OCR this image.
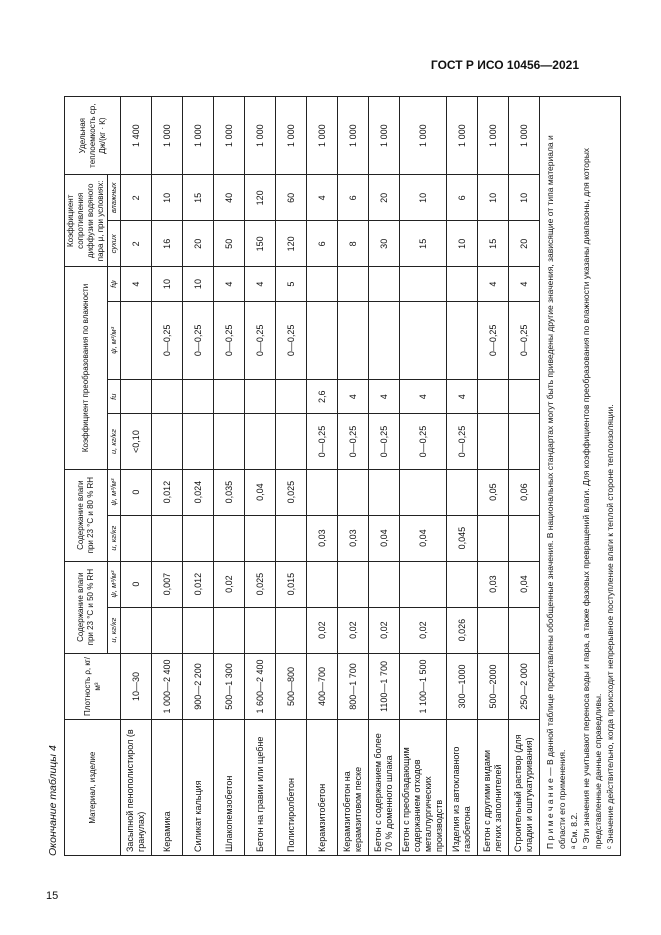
ГОСТ Р ИСО 10456—2021
Окончание таблицы 4	Материал, изделие	Плотность ρ, кг/м³	Содержание влаги при 23 °С и 50 % RH		Содержание влаги при 23 °С и 80 % RH		Коэффициент преобразования по влажности				Коэффициент сопротивления диффузии водяного пара μ, при условиях:		Удельная теплоемкость cp, Дж/(кг · К)
		u, кг/кг	ψ, м³/м³	u, кг/кг	ψ, м³/м³	u, кг/кг	fu	ψ, м³/м³	fψ	сухих	влажных	
Засыпной пенополистирол (в гранулах)	10—30		0		0	<0,10			4	2	2	1 400
Керамика	1 000—2 400		0,007		0,012			0—0,25	10	16	10	1 000
Силикат кальция	900—2 200		0,012		0,024			0—0,25	10	20	15	1 000
Шлакопемзобетон	500—1 300		0,02		0,035			0—0,25	4	50	40	1 000
Бетон на гравии или щебне	1 600—2 400		0,025		0,04			0—0,25	4	150	120	1 000
Полистиролбетон	500—800		0,015		0,025			0—0,25	5	120	60	1 000
Керамзитобетон	400—700	0,02		0,03		0—0,25	2,6			6	4	1 000
Керамзитобетон на керамзитовом песке	800—1 700	0,02		0,03		0—0,25	4			8	6	1 000
Бетон с содержанием более 70 % доменного шлака	1100—1 700	0,02		0,04		0—0,25	4			30	20	1 000
Бетон с преобладающим содержанием отходов металлургических производств	1 100—1 500	0,02		0,04		0—0,25	4			15	10	1 000
Изделия из автоклавного газобетона	300—1000	0,026		0,045		0—0,25	4			10	6	1 000
Бетон с другими видами легких заполнителей	500—2000		0,03		0,05			0—0,25	4	15	10	1 000
Строительный раствор (для кладки и оштукатуривания)	250—2 000		0,04		0,06			0—0,25	4	20	10	1 000 П р и м е ч а н и е — В данной таблице представлены обобщенные значения. В национальных стандартах могут быть приведены другие значения, зависящие от типа материала и области его применения. ᵃ См. 8.2. ᵇ Эти значения не учитывают переноса воды и пара, а также фазовых превращений влаги. Для коэффициентов преобразования по влажности указаны диапазоны, для которых представленные данные справедливы. ᶜ Значение действительно, когда происходит непрерывное поступление влаги к теплой стороне теплоизоляции.

15
